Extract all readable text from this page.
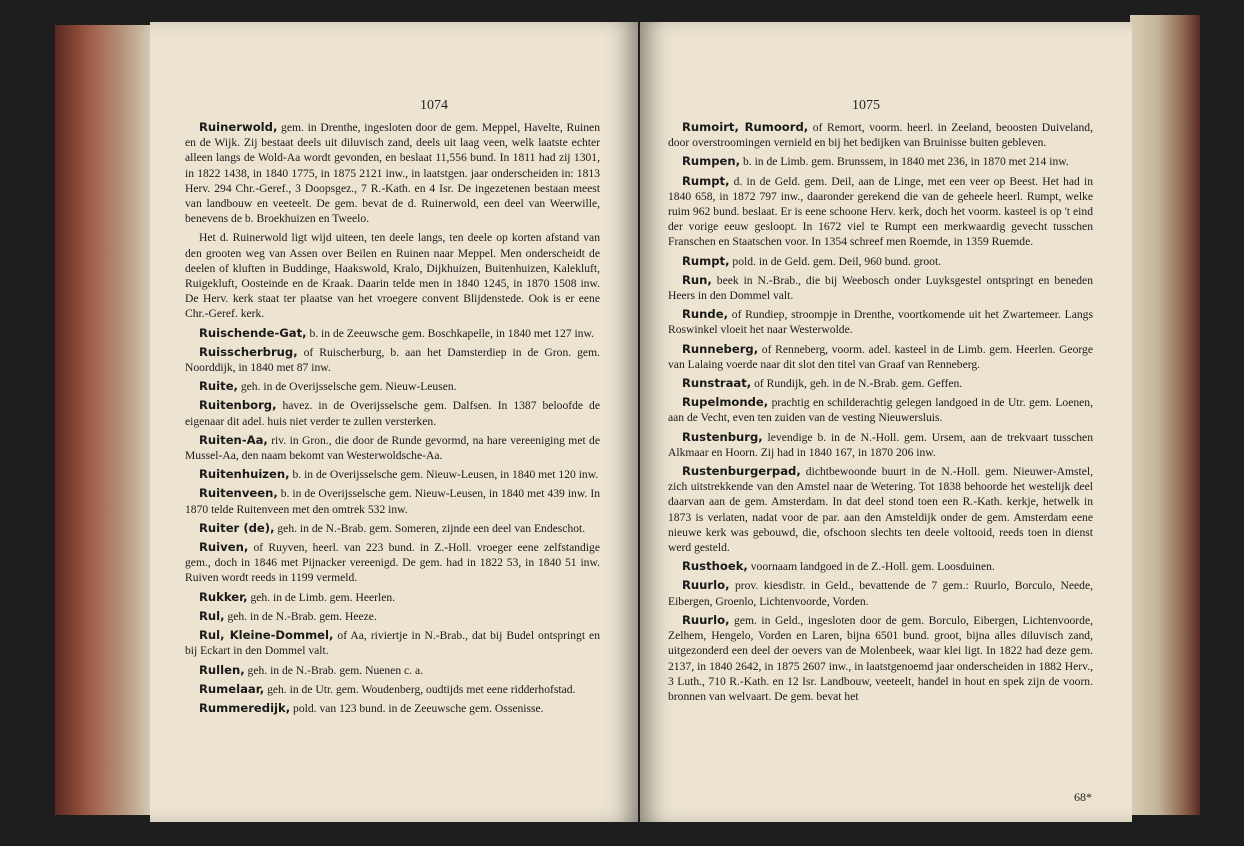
1074

Ruinerwold, gem. in Drenthe, ingesloten door de gem. Meppel, Havelte, Ruinen en de Wijk. Zij bestaat deels uit diluvisch zand, deels uit laag veen, welk laatste echter alleen langs de Wold-Aa wordt gevonden, en beslaat 11,556 bund. In 1811 had zij 1301, in 1822 1438, in 1840 1775, in 1875 2121 inw., in laatstgen. jaar onderscheiden in: 1813 Herv. 294 Chr.-Geref., 3 Doopsgez., 7 R.-Kath. en 4 Isr. De ingezetenen bestaan meest van landbouw en veeteelt. De gem. bevat de d. Ruinerwold, een deel van Weerwille, benevens de b. Broekhuizen en Tweelo.

Het d. Ruinerwold ligt wijd uiteen, ten deele langs, ten deele op korten afstand van den grooten weg van Assen over Beilen en Ruinen naar Meppel. Men onderscheidt de deelen of kluften in Buddinge, Haakswold, Kralo, Dijkhuizen, Buitenhuizen, Kalekluft, Ruigekluft, Oosteinde en de Kraak. Daarin telde men in 1840 1245, in 1870 1508 inw. De Herv. kerk staat ter plaatse van het vroegere convent Blijdenstede. Ook is er eene Chr.-Geref. kerk.

Ruischende-Gat, b. in de Zeeuwsche gem. Boschkapelle, in 1840 met 127 inw.

Ruisscherbrug, of Ruischerburg, b. aan het Damsterdiep in de Gron. gem. Noorddijk, in 1840 met 87 inw.

Ruite, geh. in de Overijsselsche gem. Nieuw-Leusen.

Ruitenborg, havez. in de Overijsselsche gem. Dalfsen. In 1387 beloofde de eigenaar dit adel. huis niet verder te zullen versterken.

Ruiten-Aa, riv. in Gron., die door de Runde gevormd, na hare vereeniging met de Mussel-Aa, den naam bekomt van Westerwoldsche-Aa.

Ruitenhuizen, b. in de Overijsselsche gem. Nieuw-Leusen, in 1840 met 120 inw.

Ruitenveen, b. in de Overijsselsche gem. Nieuw-Leusen, in 1840 met 439 inw. In 1870 telde Ruitenveen met den omtrek 532 inw.

Ruiter (de), geh. in de N.-Brab. gem. Someren, zijnde een deel van Endeschot.

Ruiven, of Ruyven, heerl. van 223 bund. in Z.-Holl. vroeger eene zelfstandige gem., doch in 1846 met Pijnacker vereenigd. De gem. had in 1822 53, in 1840 51 inw. Ruiven wordt reeds in 1199 vermeld.

Rukker, geh. in de Limb. gem. Heerlen.

Rul, geh. in de N.-Brab. gem. Heeze.

Rul, Kleine-Dommel, of Aa, riviertje in N.-Brab., dat bij Budel ontspringt en bij Eckart in den Dommel valt.

Rullen, geh. in de N.-Brab. gem. Nuenen c. a.

Rumelaar, geh. in de Utr. gem. Woudenberg, oudtijds met eene ridderhofstad.

Rummeredijk, pold. van 123 bund. in de Zeeuwsche gem. Ossenisse.

1075

Rumoirt, Rumoord, of Remort, voorm. heerl. in Zeeland, beoosten Duiveland, door overstroomingen vernield en bij het bedijken van Bruinisse buiten gebleven.

Rumpen, b. in de Limb. gem. Brunssem, in 1840 met 236, in 1870 met 214 inw.

Rumpt, d. in de Geld. gem. Deil, aan de Linge, met een veer op Beest. Het had in 1840 658, in 1872 797 inw., daaronder gerekend die van de geheele heerl. Rumpt, welke ruim 962 bund. beslaat. Er is eene schoone Herv. kerk, doch het voorm. kasteel is op 't eind der vorige eeuw gesloopt. In 1672 viel te Rumpt een merkwaardig gevecht tusschen Franschen en Staatschen voor. In 1354 schreef men Roemde, in 1359 Ruemde.

Rumpt, pold. in de Geld. gem. Deil, 960 bund. groot.

Run, beek in N.-Brab., die bij Weebosch onder Luyksgestel ontspringt en beneden Heers in den Dommel valt.

Runde, of Rundiep, stroompje in Drenthe, voortkomende uit het Zwartemeer. Langs Roswinkel vloeit het naar Westerwolde.

Runneberg, of Renneberg, voorm. adel. kasteel in de Limb. gem. Heerlen. George van Lalaing voerde naar dit slot den titel van Graaf van Renneberg.

Runstraat, of Rundijk, geh. in de N.-Brab. gem. Geffen.

Rupelmonde, prachtig en schilderachtig gelegen landgoed in de Utr. gem. Loenen, aan de Vecht, even ten zuiden van de vesting Nieuwersluis.

Rustenburg, levendige b. in de N.-Holl. gem. Ursem, aan de trekvaart tusschen Alkmaar en Hoorn. Zij had in 1840 167, in 1870 206 inw.

Rustenburgerpad, dichtbewoonde buurt in de N.-Holl. gem. Nieuwer-Amstel, zich uitstrekkende van den Amstel naar de Wetering. Tot 1838 behoorde het westelijk deel daarvan aan de gem. Amsterdam. In dat deel stond toen een R.-Kath. kerkje, hetwelk in 1873 is verlaten, nadat voor de par. aan den Amsteldijk onder de gem. Amsterdam eene nieuwe kerk was gebouwd, die, ofschoon slechts ten deele voltooid, reeds toen in dienst werd gesteld.

Rusthoek, voornaam landgoed in de Z.-Holl. gem. Loosduinen.

Ruurlo, prov. kiesdistr. in Geld., bevattende de 7 gem.: Ruurlo, Borculo, Neede, Eibergen, Groenlo, Lichtenvoorde, Vorden.

Ruurlo, gem. in Geld., ingesloten door de gem. Borculo, Eibergen, Lichtenvoorde, Zelhem, Hengelo, Vorden en Laren, bijna 6501 bund. groot, bijna alles diluvisch zand, uitgezonderd een deel der oevers van de Molenbeek, waar klei ligt. In 1822 had deze gem. 2137, in 1840 2642, in 1875 2607 inw., in laatstgenoemd jaar onderscheiden in 1882 Herv., 3 Luth., 710 R.-Kath. en 12 Isr. Landbouw, veeteelt, handel in hout en spek zijn de voorn. bronnen van welvaart. De gem. bevat het

68*
